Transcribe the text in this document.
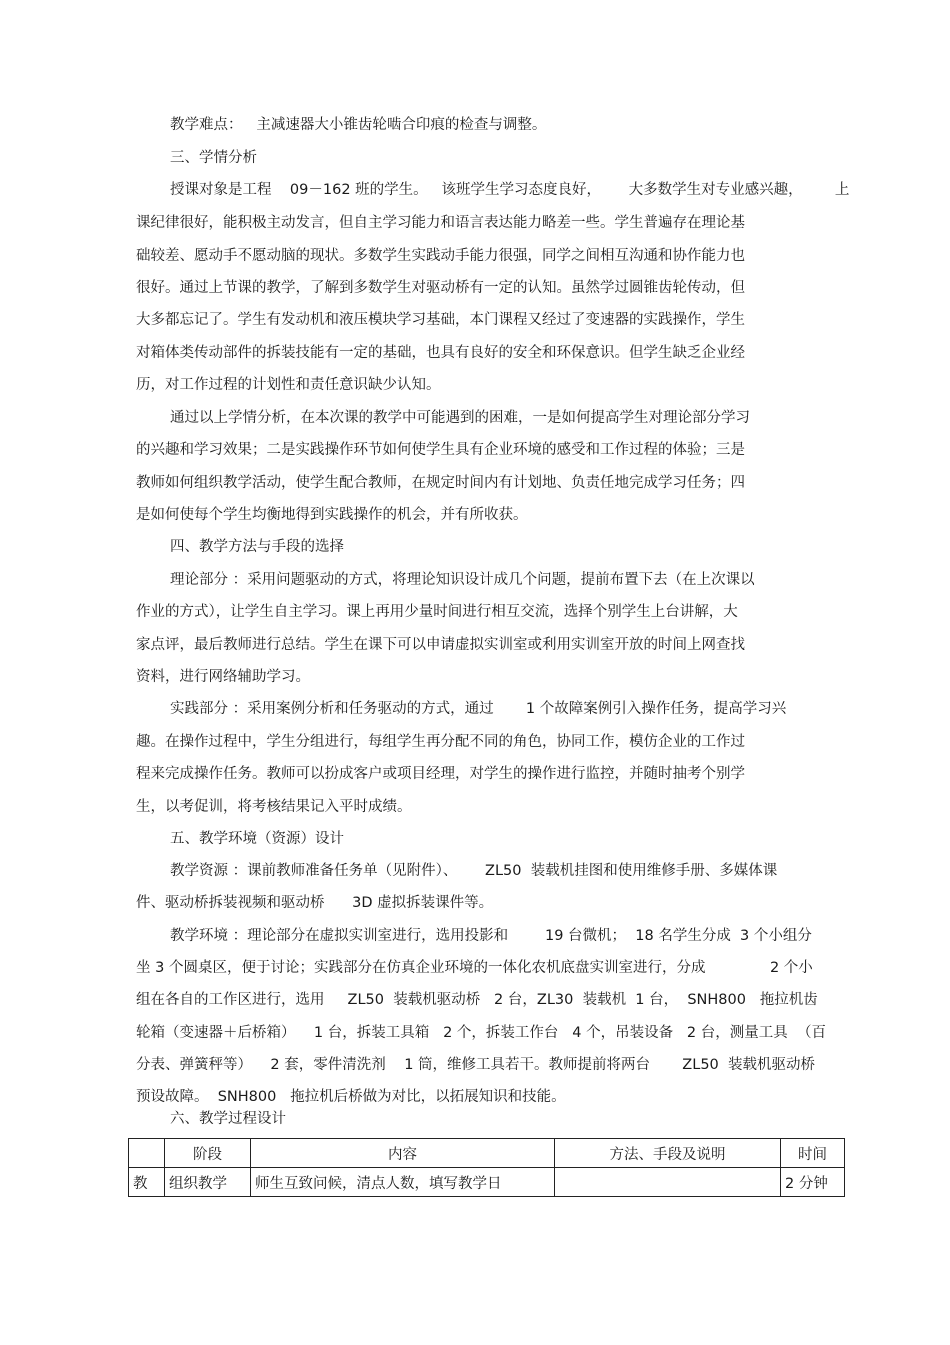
教学难点：   主减速器大小锥齿轮啮合印痕的检查与调整。
三、学情分析
授课对象是工程    09－162 班的学生。   该班学生学习态度良好，      大多数学生对专业感兴趣，       上
课纪律很好，能积极主动发言，但自主学习能力和语言表达能力略差一些。学生普遍存在理论基
础较差、愿动手不愿动脑的现状。多数学生实践动手能力很强，同学之间相互沟通和协作能力也
很好。通过上节课的教学，了解到多数学生对驱动桥有一定的认知。虽然学过圆锥齿轮传动，但
大多都忘记了。学生有发动机和液压模块学习基础，本门课程又经过了变速器的实践操作，学生
对箱体类传动部件的拆装技能有一定的基础，也具有良好的安全和环保意识。但学生缺乏企业经
历，对工作过程的计划性和责任意识缺少认知。
通过以上学情分析，在本次课的教学中可能遇到的困难，一是如何提高学生对理论部分学习
的兴趣和学习效果；二是实践操作环节如何使学生具有企业环境的感受和工作过程的体验；三是
教师如何组织教学活动，使学生配合教师，在规定时间内有计划地、负责任地完成学习任务；四
是如何使每个学生均衡地得到实践操作的机会，并有所收获。
四、教学方法与手段的选择
理论部分 ：采用问题驱动的方式，将理论知识设计成几个问题，提前布置下去（在上次课以
作业的方式），让学生自主学习。课上再用少量时间进行相互交流，选择个别学生上台讲解，大
家点评，最后教师进行总结。学生在课下可以申请虚拟实训室或利用实训室开放的时间上网查找
资料，进行网络辅助学习。
实践部分 ：采用案例分析和任务驱动的方式，通过       1 个故障案例引入操作任务，提高学习兴
趣。在操作过程中，学生分组进行，每组学生再分配不同的角色，协同工作，模仿企业的工作过
程来完成操作任务。教师可以扮成客户或项目经理，对学生的操作进行监控，并随时抽考个别学
生，以考促训，将考核结果记入平时成绩。
五、教学环境（资源）设计
教学资源 ：课前教师准备任务单（见附件）、      ZL50  装载机挂图和使用维修手册、多媒体课
件、驱动桥拆装视频和驱动桥      3D 虚拟拆装课件等。
教学环境 ：理论部分在虚拟实训室进行，选用投影和        19 台微机；  18 名学生分成  3 个小组分
坐 3 个圆桌区，便于讨论；实践部分在仿真企业环境的一体化农机底盘实训室进行，分成              2 个小
组在各自的工作区进行，选用     ZL50  装载机驱动桥   2 台，ZL30  装载机  1 台，  SNH800   拖拉机齿
轮箱（变速器＋后桥箱）    1 台，拆装工具箱   2 个，拆装工作台   4 个，吊装设备   2 台，测量工具  （百
分表、弹簧秤等）    2 套，零件清洗剂    1 筒，维修工具若干。教师提前将两台       ZL50  装载机驱动桥
预设故障。  SNH800   拖拉机后桥做为对比，以拓展知识和技能。
六、教学过程设计
	阶段	内容	方法、手段及说明	时间
教	组织教学	师生互致问候，清点人数，填写教学日		2 分钟
